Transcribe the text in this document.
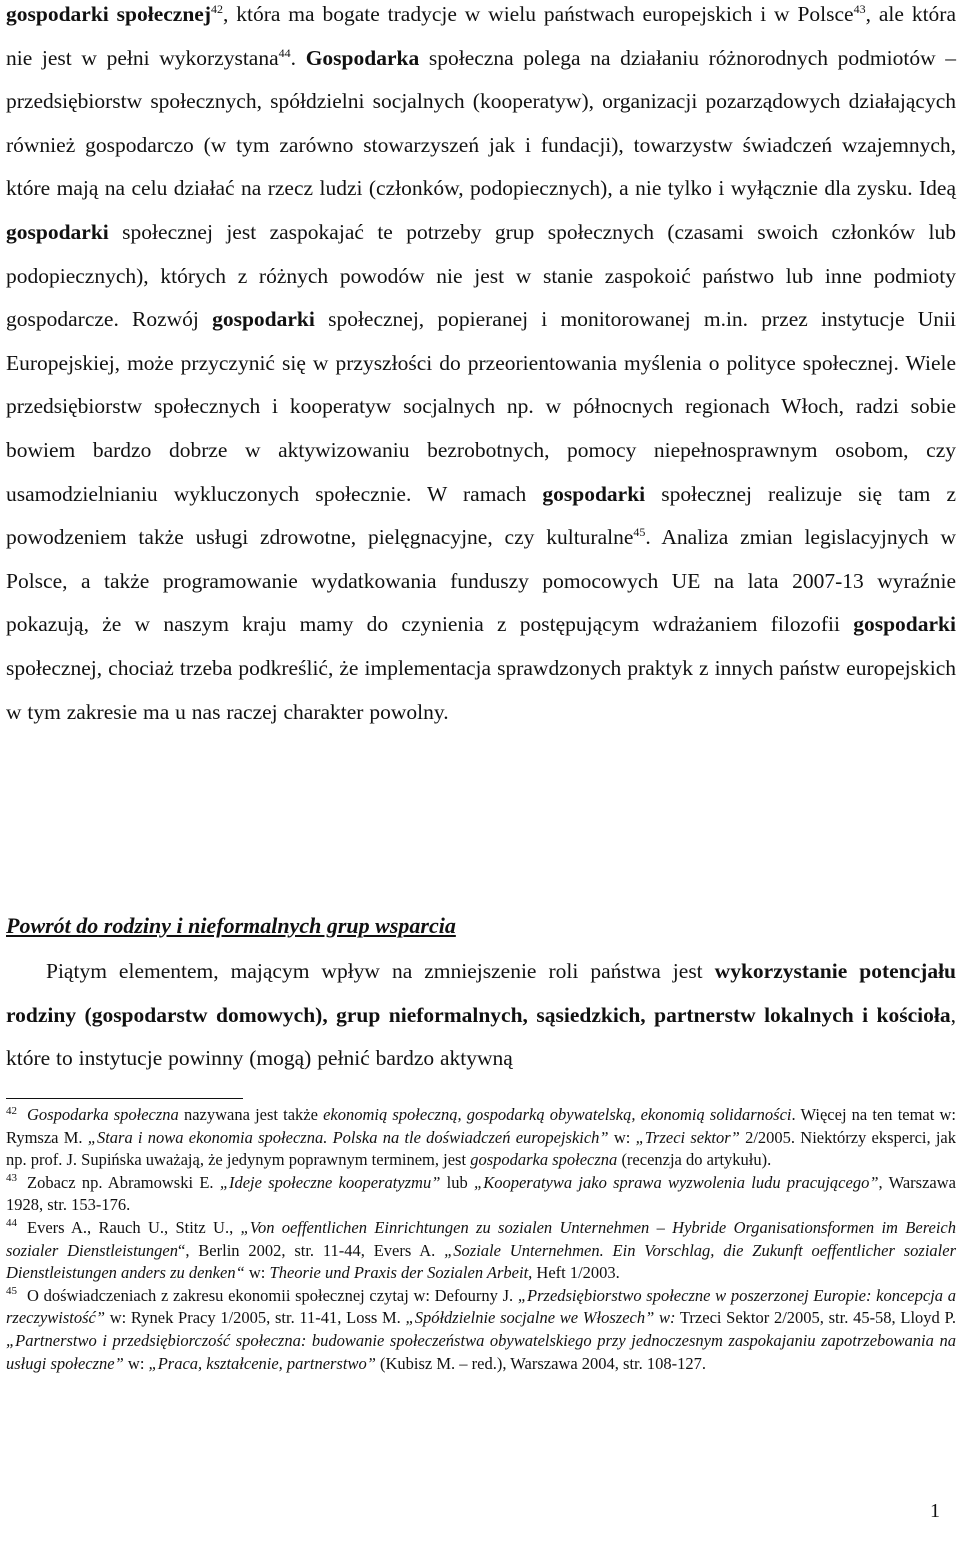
gospodarki społecznej$^{42}$, która ma bogate tradycje w wielu państwach europejskich i w Polsce$^{43}$, ale która nie jest w pełni wykorzystana$^{44}$. Gospodarka społeczna polega na działaniu różnorodnych podmiotów – przedsiębiorstw społecznych, spółdzielni socjalnych (kooperatyw), organizacji pozarządowych działających również gospodarczo (w tym zarówno stowarzyszeń jak i fundacji), towarzystw świadczeń wzajemnych, które mają na celu działać na rzecz ludzi (członków, podopiecznych), a nie tylko i wyłącznie dla zysku. Ideą gospodarki społecznej jest zaspokajać te potrzeby grup społecznych (czasami swoich członków lub podopiecznych), których z różnych powodów nie jest w stanie zaspokoić państwo lub inne podmioty gospodarcze. Rozwój gospodarki społecznej, popieranej i monitorowanej m.in. przez instytucje Unii Europejskiej, może przyczynić się w przyszłości do przeorientowania myślenia o polityce społecznej. Wiele przedsiębiorstw społecznych i kooperatyw socjalnych np. w północnych regionach Włoch, radzi sobie bowiem bardzo dobrze w aktywizowaniu bezrobotnych, pomocy niepełnosprawnym osobom, czy usamodzielnianiu wykluczonych społecznie. W ramach gospodarki społecznej realizuje się tam z powodzeniem także usługi zdrowotne, pielęgnacyjne, czy kulturalne$^{45}$. Analiza zmian legislacyjnych w Polsce, a także programowanie wydatkowania funduszy pomocowych UE na lata 2007-13 wyraźnie pokazują, że w naszym kraju mamy do czynienia z postępującym wdrażaniem filozofii gospodarki społecznej, chociaż trzeba podkreślić, że implementacja sprawdzonych praktyk z innych państw europejskich w tym zakresie ma u nas raczej charakter powolny.
Powrót do rodziny i nieformalnych grup wsparcia
Piątym elementem, mającym wpływ na zmniejszenie roli państwa jest wykorzystanie potencjału rodziny (gospodarstw domowych), grup nieformalnych, sąsiedzkich, partnerstw lokalnych i kościoła, które to instytucje powinny (mogą) pełnić bardzo aktywną

$^{42}$ Gospodarka społeczna nazywana jest także ekonomią społeczną, gospodarką obywatelską, ekonomią solidarności. Więcej na ten temat w: Rymsza M. „Stara i nowa ekonomia społeczna. Polska na tle doświadczeń europejskich” w: „Trzeci sektor” 2/2005. Niektórzy eksperci, jak np. prof. J. Supińska uważają, że jedynym poprawnym terminem, jest gospodarka społeczna (recenzja do artykułu).

$^{43}$ Zobacz np. Abramowski E. „Ideje społeczne kooperatyzmu” lub „Kooperatywa jako sprawa wyzwolenia ludu pracującego”, Warszawa 1928, str. 153-176.

$^{44}$ Evers A., Rauch U., Stitz U., „Von oeffentlichen Einrichtungen zu sozialen Unternehmen – Hybride Organisationsformen im Bereich sozialer Dienstleistungen“, Berlin 2002, str. 11-44, Evers A. „Soziale Unternehmen. Ein Vorschlag, die Zukunft oeffentlicher sozialer Dienstleistungen anders zu denken“ w: Theorie und Praxis der Sozialen Arbeit, Heft 1/2003.

$^{45}$ O doświadczeniach z zakresu ekonomii społecznej czytaj w: Defourny J. „Przedsiębiorstwo społeczne w poszerzonej Europie: koncepcja a rzeczywistość” w: Rynek Pracy 1/2005, str. 11-41, Loss M. „Spółdzielnie socjalne we Włoszech” w: Trzeci Sektor 2/2005, str. 45-58, Lloyd P. „Partnerstwo i przedsiębiorczość społeczna: budowanie społeczeństwa obywatelskiego przy jednoczesnym zaspokajaniu zapotrzebowania na usługi społeczne” w: „Praca, kształcenie, partnerstwo” (Kubisz M. – red.), Warszawa 2004, str. 108-127.

1
